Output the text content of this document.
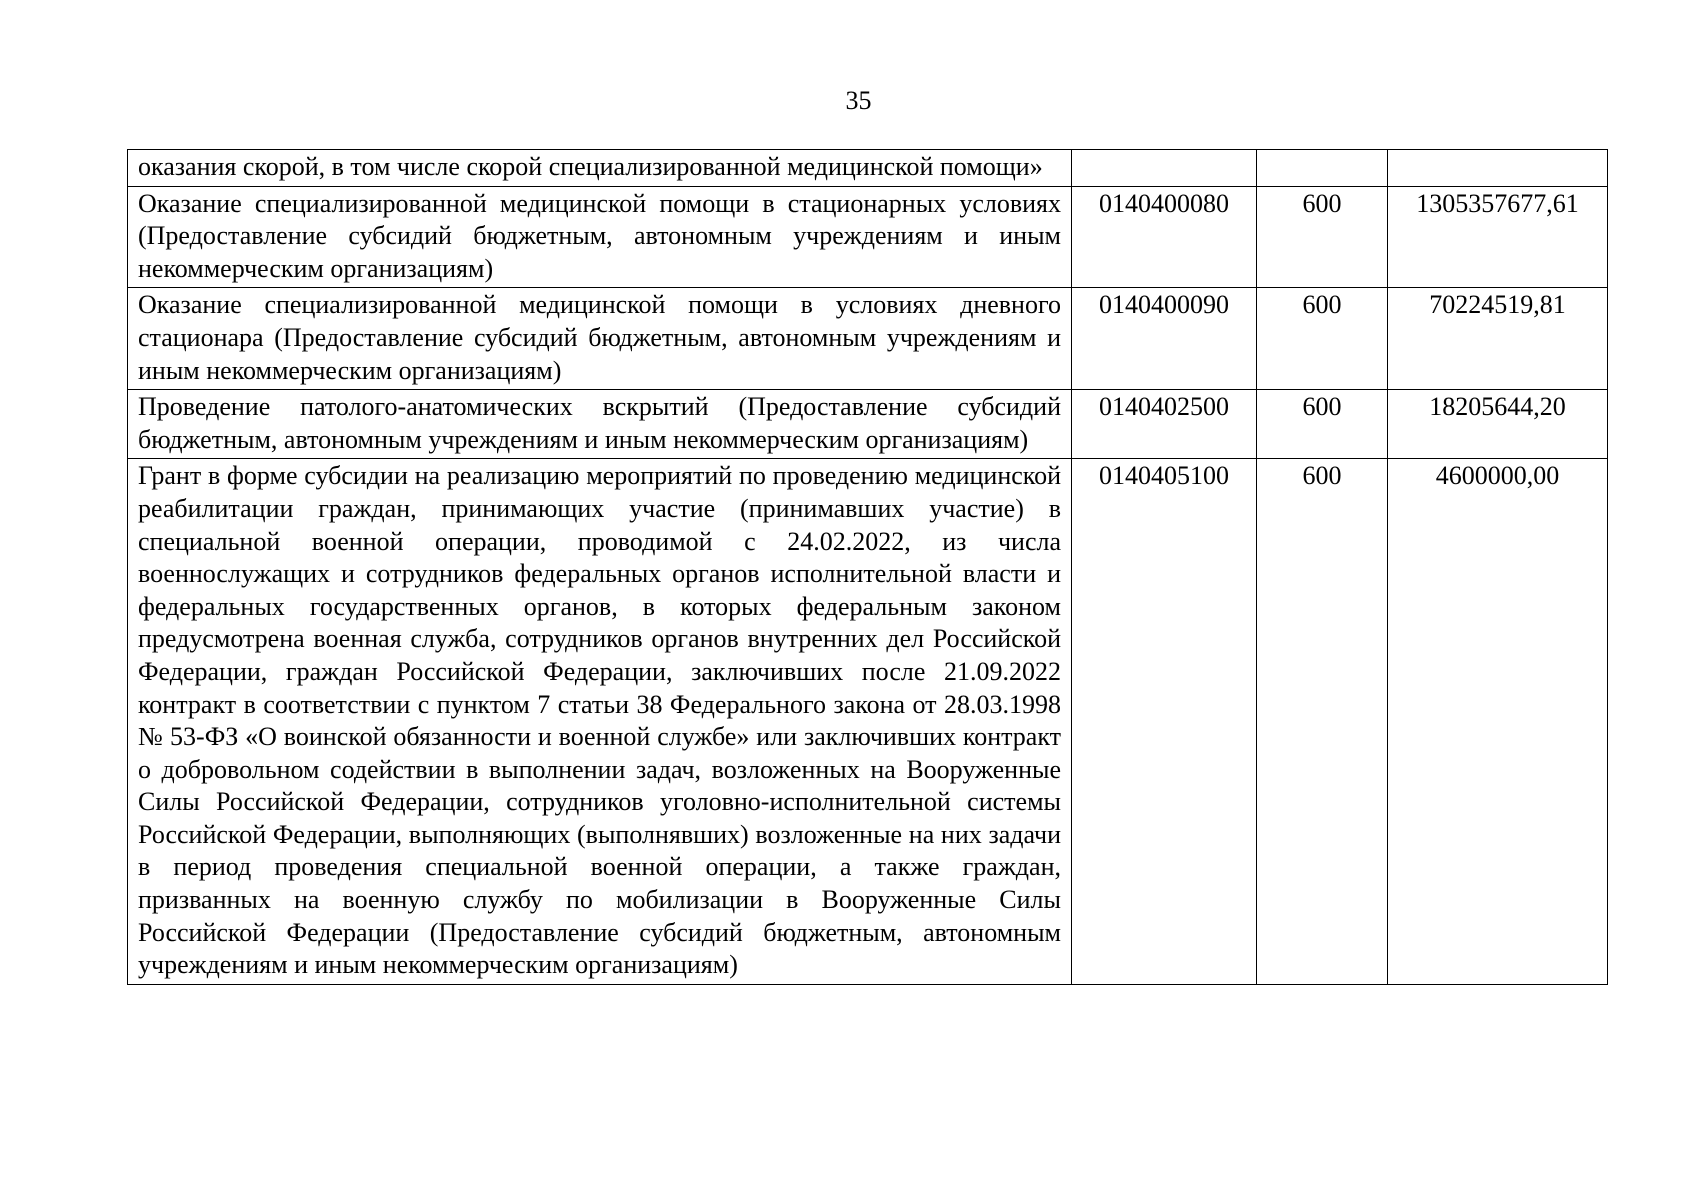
35
оказания скорой, в том числе скорой специализированной медицинской помощи»			
Оказание специализированной медицинской помощи в стационарных условиях (Предоставление субсидий бюджетным, автономным учреждениям и иным некоммерческим организациям)	0140400080	600	1305357677,61
Оказание специализированной медицинской помощи в условиях дневного стационара (Предоставление субсидий бюджетным, автономным учреждениям и иным некоммерческим организациям)	0140400090	600	70224519,81
Проведение патолого-анатомических вскрытий (Предоставление субсидий бюджетным, автономным учреждениям и иным некоммерческим организациям)	0140402500	600	18205644,20
Грант в форме субсидии на реализацию мероприятий по проведению медицинской реабилитации граждан, принимающих участие (принимавших участие) в специальной военной операции, проводимой с 24.02.2022, из числа военнослужащих и сотрудников федеральных органов исполнительной власти и федеральных государственных органов, в которых федеральным законом предусмотрена военная служба, сотрудников органов внутренних дел Российской Федерации, граждан Российской Федерации, заключивших после 21.09.2022 контракт в соответствии с пунктом 7 статьи 38 Федерального закона от 28.03.1998 № 53-ФЗ «О воинской обязанности и военной службе» или заключивших контракт о добровольном содействии в выполнении задач, возложенных на Вооруженные Силы Российской Федерации, сотрудников уголовно-исполнительной системы Российской Федерации, выполняющих (выполнявших) возложенные на них задачи в период проведения специальной военной операции, а также граждан, призванных на военную службу по мобилизации в Вооруженные Силы Российской Федерации (Предоставление субсидий бюджетным, автономным учреждениям и иным некоммерческим организациям)	0140405100	600	4600000,00
